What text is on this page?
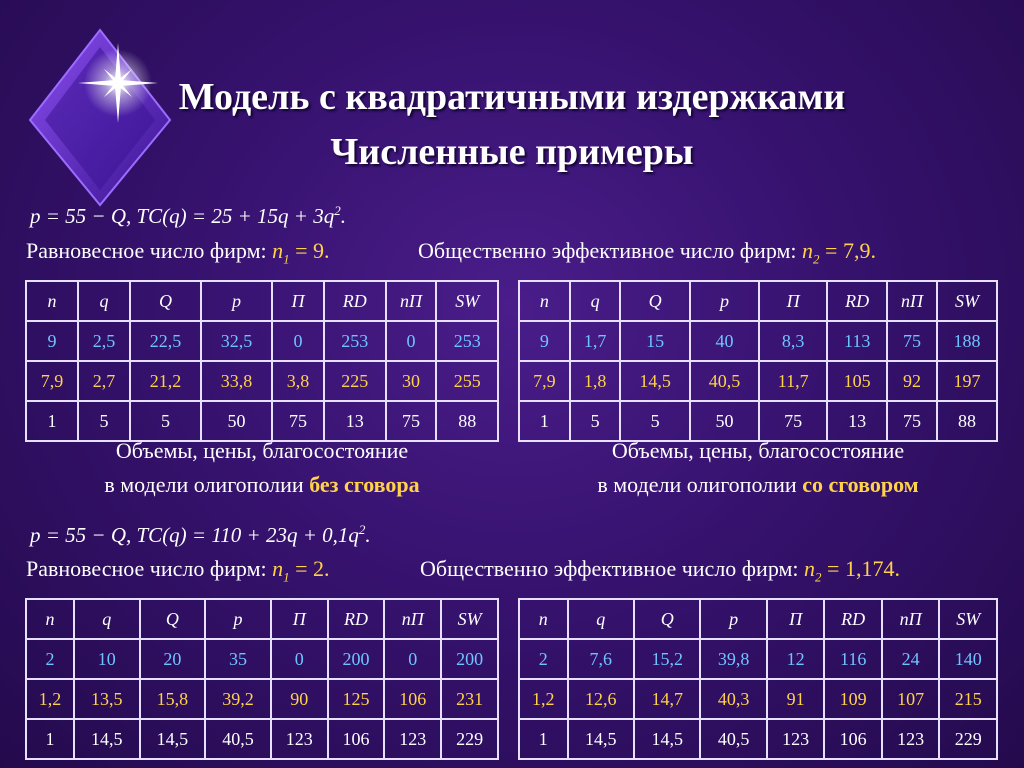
Модель с квадратичными издержками
Численные примеры
p = 55 − Q, $TC(q) = 25 + 15q + 3q^2$.
Равновесное число фирм: $n_1 = 9$.	Общественно эффективное число фирм: $n_2 = 7,9$.
n	q	Q	p	Π	RD	nΠ	SW
9	2,5	22,5	32,5	0	253	0	253
7,9	2,7	21,2	33,8	3,8	225	30	255
1	5	5	50	75	13	75	88
n	q	Q	p	Π	RD	nΠ	SW
9	1,7	15	40	8,3	113	75	188
7,9	1,8	14,5	40,5	11,7	105	92	197
1	5	5	50	75	13	75	88
Объемы, цены, благосостояние
в модели олигополии без сговора
Объемы, цены, благосостояние
в модели олигополии со сговором
p = 55 − Q, $TC(q) = 110 + 23q + 0,1q^2$.
Равновесное число фирм: $n_1 = 2$.	Общественно эффективное число фирм: $n_2 = 1,174$.
n	q	Q	p	Π	RD	nΠ	SW
2	10	20	35	0	200	0	200
1,2	13,5	15,8	39,2	90	125	106	231
1	14,5	14,5	40,5	123	106	123	229
n	q	Q	p	Π	RD	nΠ	SW
2	7,6	15,2	39,8	12	116	24	140
1,2	12,6	14,7	40,3	91	109	107	215
1	14,5	14,5	40,5	123	106	123	229
